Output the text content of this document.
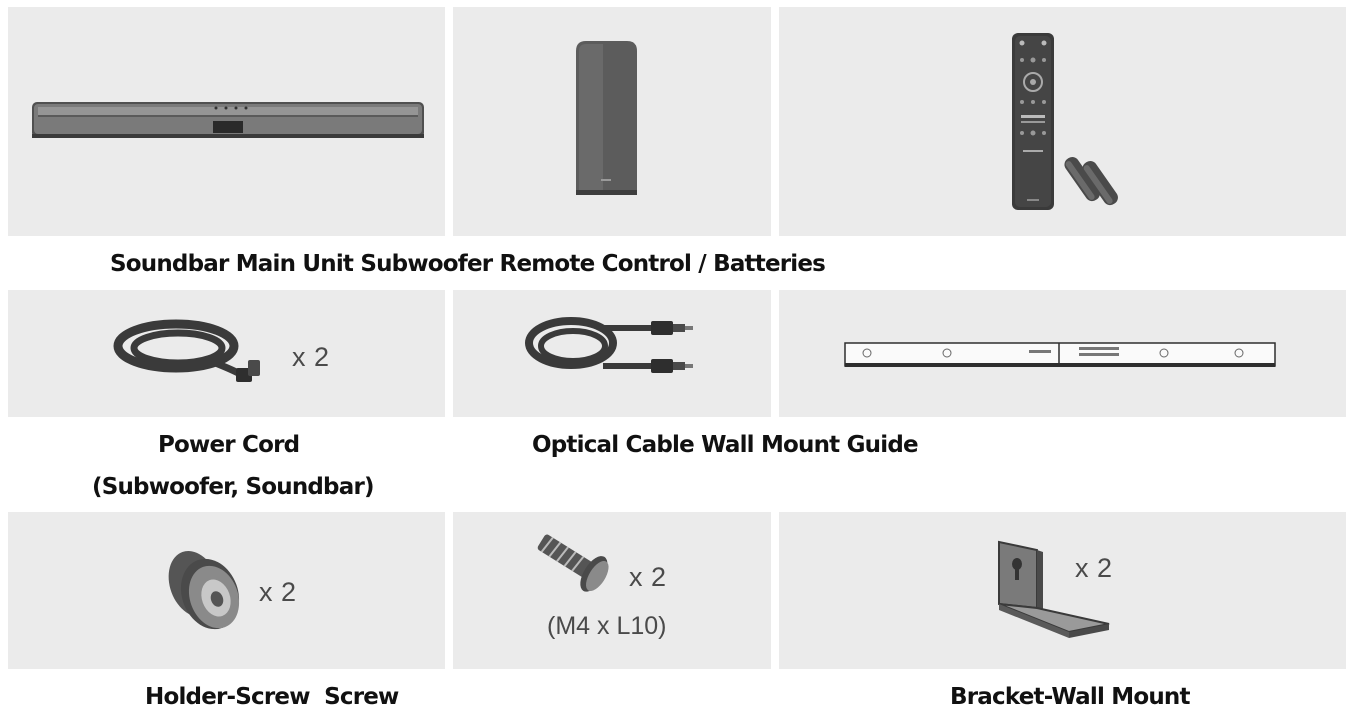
Soundbar Main Unit Subwoofer Remote Control / Batteries
x 2
Power Cord
(Subwoofer, Soundbar)
Optical Cable Wall Mount Guide
x 2	x 2
(M4 x L10)
x 2
Holder-Screw  Screw	Bracket-Wall Mount
